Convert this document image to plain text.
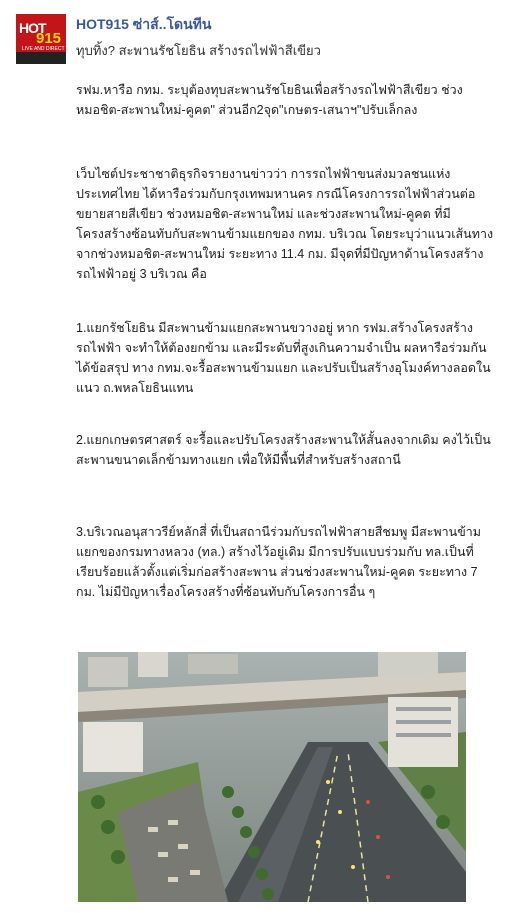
HOT
915
LIVE AND DIRECT
HOT915 ซ่าส์..โดนทีน
ทุบทิ้ง? สะพานรัชโยธิน สร้างรถไฟฟ้าสีเขียว

รฟม.หารือ กทม. ระบุต้องทุบสะพานรัชโยธินเพื่อสร้างรถไฟฟ้าสีเขียว ช่วง หมอชิต-สะพานใหม่-คูคต" ส่วนอีก2จุด"เกษตร-เสนาฯ"ปรับเล็กลง

เว็บไซต์ประชาชาติธุรกิจรายงานข่าวว่า การรถไฟฟ้าขนส่งมวลชนแห่งประเทศไทย ได้หารือร่วมกับกรุงเทพมหานคร กรณีโครงการรถไฟฟ้าส่วนต่อขยายสายสีเขียว ช่วงหมอชิต-สะพานใหม่ และช่วงสะพานใหม่-คูคต ที่มีโครงสร้างซ้อนทับกับสะพานข้ามแยกของ กทม. บริเวณ โดยระบุว่าแนวเส้นทางจากช่วงหมอชิต-สะพานใหม่ ระยะทาง 11.4 กม. มีจุดที่มีปัญหาด้านโครงสร้างรถไฟฟ้าอยู่ 3 บริเวณ คือ

1.แยกรัชโยธิน มีสะพานข้ามแยกสะพานขวางอยู่ หาก รฟม.สร้างโครงสร้างรถไฟฟ้า จะทำให้ต้องยกข้าม และมีระดับที่สูงเกินความจำเป็น ผลหารือร่วมกันได้ข้อสรุป ทาง กทม.จะรื้อสะพานข้ามแยก และปรับเป็นสร้างอุโมงค์ทางลอดในแนว ถ.พหลโยธินแทน

2.แยกเกษตรศาสตร์ จะรื้อและปรับโครงสร้างสะพานให้สั้นลงจากเดิม คงไว้เป็นสะพานขนาดเล็กข้ามทางแยก เพื่อให้มีพื้นที่สำหรับสร้างสถานี

3.บริเวณอนุสาวรีย์หลักสี่ ที่เป็นสถานีร่วมกับรถไฟฟ้าสายสีชมพู มีสะพานข้ามแยกของกรมทางหลวง (ทล.) สร้างไว้อยู่เดิม มีการปรับแบบร่วมกับ ทล.เป็นที่เรียบร้อยแล้วตั้งแต่เริ่มก่อสร้างสะพาน ส่วนช่วงสะพานใหม่-คูคต ระยะทาง 7 กม. ไม่มีปัญหาเรื่องโครงสร้างที่ซ้อนทับกับโครงการอื่น ๆ
